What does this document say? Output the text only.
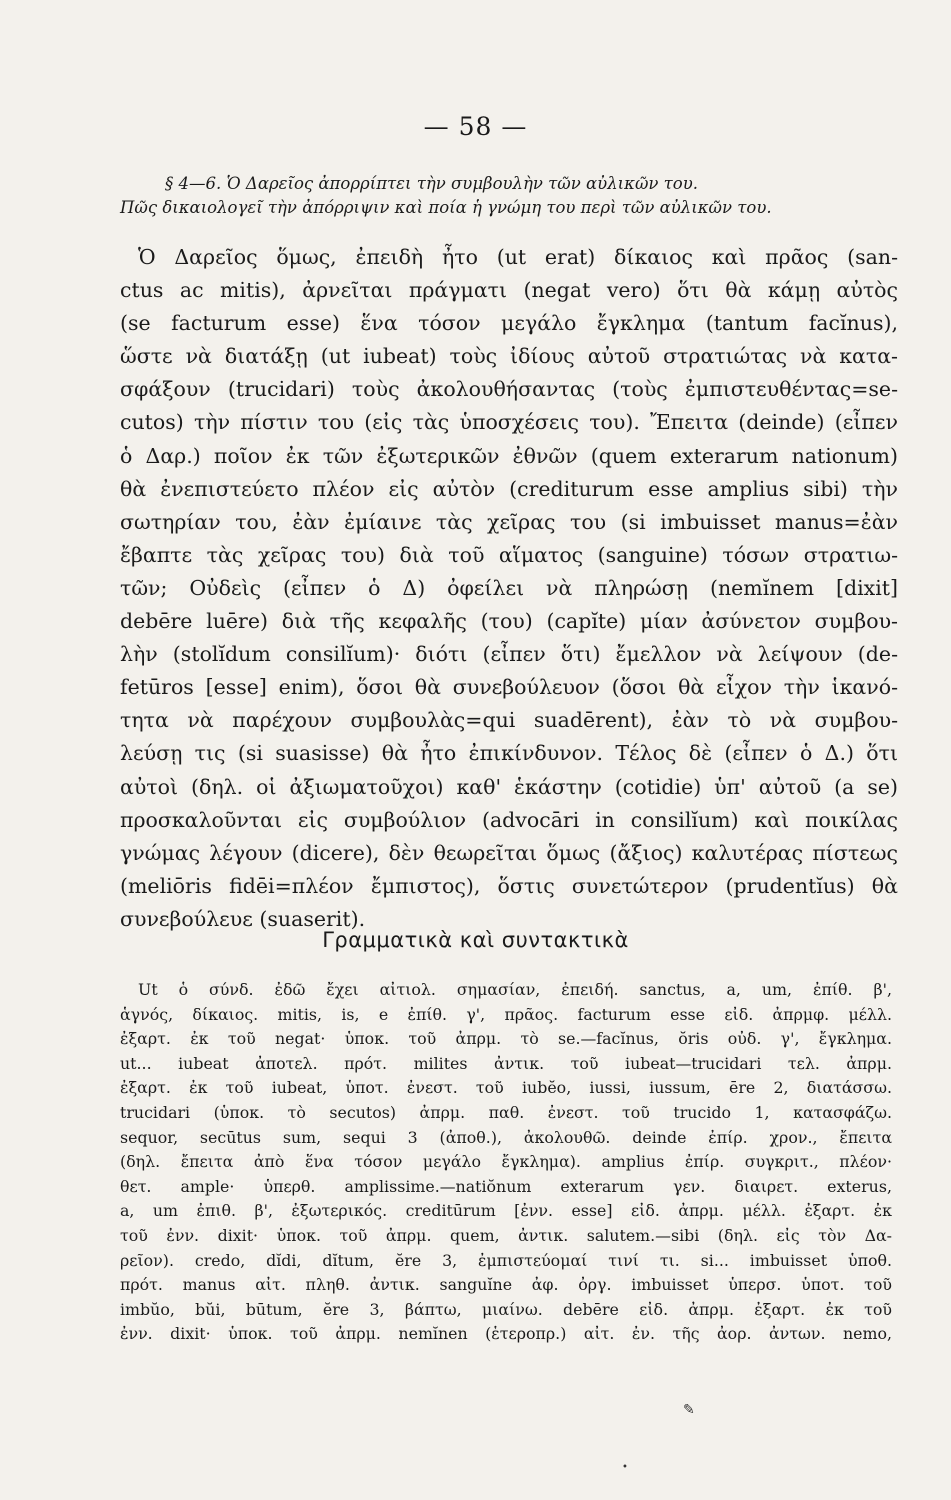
— 58 —
§ 4—6. Ὁ Δαρεῖος ἀπορρίπτει τὴν συμβουλὴν τῶν αὐλικῶν του.
Πῶς δικαιολογεῖ τὴν ἀπόρριψιν καὶ ποία ἡ γνώμη του περὶ τῶν αὐλικῶν του.
Ὁ Δαρεῖος ὅμως, ἐπειδὴ ἦτο (ut erat) δίκαιος καὶ πρᾶος (san-
ctus ac mitis), ἀρνεῖται πράγματι (negat vero) ὅτι θὰ κάμῃ αὐτὸς
(se facturum esse) ἕνα τόσον μεγάλο ἔγκλημα (tantum facĭnus),
ὥστε νὰ διατάξῃ (ut iubeat) τοὺς ἰδίους αὐτοῦ στρατιώτας νὰ κατα-
σφάξουν (trucidari) τοὺς ἀκολουθήσαντας (τοὺς ἐμπιστευθέντας=se-
cutos) τὴν πίστιν του (εἰς τὰς ὑποσχέσεις του). Ἔπειτα (deinde) (εἶπεν
ὁ Δαρ.) ποῖον ἐκ τῶν ἐξωτερικῶν ἐθνῶν (quem exterarum nationum)
θὰ ἐνεπιστεύετο πλέον εἰς αὐτὸν (crediturum esse amplius sibi) τὴν
σωτηρίαν του, ἐὰν ἐμίαινε τὰς χεῖρας του (si imbuisset manus=ἐὰν
ἔβαπτε τὰς χεῖρας του) διὰ τοῦ αἵματος (sanguine) τόσων στρατιω-
τῶν; Οὐδεὶς (εἶπεν ὁ Δ) ὀφείλει νὰ πληρώσῃ (nemĭnem [dixit]
debēre luēre) διὰ τῆς κεφαλῆς (του) (capĭte) μίαν ἀσύνετον συμβου-
λὴν (stolĭdum consilĭum)· διότι (εἶπεν ὅτι) ἔμελλον νὰ λείψουν (de-
fetūros [esse] enim), ὅσοι θὰ συνεβούλευον (ὅσοι θὰ εἶχον τὴν ἱκανό-
τητα νὰ παρέχουν συμβουλὰς=qui suadērent), ἐὰν τὸ νὰ συμβου-
λεύσῃ τις (si suasisse) θὰ ἦτο ἐπικίνδυνον. Τέλος δὲ (εἶπεν ὁ Δ.) ὅτι
αὐτοὶ (δηλ. οἱ ἀξιωματοῦχοι) καθ' ἑκάστην (cotidie) ὑπ' αὐτοῦ (a se)
προσκαλοῦνται εἰς συμβούλιον (advocāri in consilĭum) καὶ ποικίλας
γνώμας λέγουν (dicere), δὲν θεωρεῖται ὅμως (ἄξιος) καλυτέρας πίστεως
(meliōris fidēi=πλέον ἔμπιστος), ὅστις συνετώτερον (prudentĭus) θὰ
συνεβούλευε (suaserit).
Γραμματικὰ καὶ συντακτικὰ
Ut ὁ σύνδ. ἐδῶ ἔχει αἰτιολ. σημασίαν, ἐπειδή. sanctus, a, um, ἐπίθ. β',
ἁγνός, δίκαιος. mitis, is, e ἐπίθ. γ', πρᾶος. facturum esse εἰδ. ἀπρμφ. μέλλ.
ἐξαρτ. ἐκ τοῦ negat· ὑποκ. τοῦ ἀπρμ. τὸ se.—facĭnus, ŏris οὐδ. γ', ἔγκλημα.
ut... iubeat ἀποτελ. πρότ. milites ἀντικ. τοῦ iubeat—trucidari τελ. ἀπρμ.
ἐξαρτ. ἐκ τοῦ iubeat, ὑποτ. ἐνεστ. τοῦ iubĕo, iussi, iussum, ēre 2, διατάσσω.
trucidari (ὑποκ. τὸ secutos) ἀπρμ. παθ. ἐνεστ. τοῦ trucido 1, κατασφάζω.
sequor, secūtus sum, sequi 3 (ἀποθ.), ἀκολουθῶ. deinde ἐπίρ. χρον., ἔπειτα
(δηλ. ἔπειτα ἀπὸ ἕνα τόσον μεγάλο ἔγκλημα). amplius ἐπίρ. συγκριτ., πλέον·
θετ. ample· ὑπερθ. amplissime.—natiŏnum exterarum γεν. διαιρετ. exterus,
a, um ἐπιθ. β', ἐξωτερικός. creditūrum [ἐνν. esse] εἰδ. ἀπρμ. μέλλ. ἐξαρτ. ἐκ
τοῦ ἐνν. dixit· ὑποκ. τοῦ ἀπρμ. quem, ἀντικ. salutem.—sibi (δηλ. εἰς τὸν Δα-
ρεῖον). credo, dĭdi, dĭtum, ĕre 3, ἐμπιστεύομαί τινί τι. si... imbuisset ὑποθ.
πρότ. manus αἰτ. πληθ. ἀντικ. sanguĭne ἀφ. ὀργ. imbuisset ὑπερσ. ὑποτ. τοῦ
imbŭo, bŭi, būtum, ĕre 3, βάπτω, μιαίνω. debēre εἰδ. ἀπρμ. ἐξαρτ. ἐκ τοῦ
ἐνν. dixit· ὑποκ. τοῦ ἀπρμ. nemĭnen (ἑτεροπρ.) αἰτ. ἐν. τῆς ἀορ. ἀντων. nemo,
✎
•
